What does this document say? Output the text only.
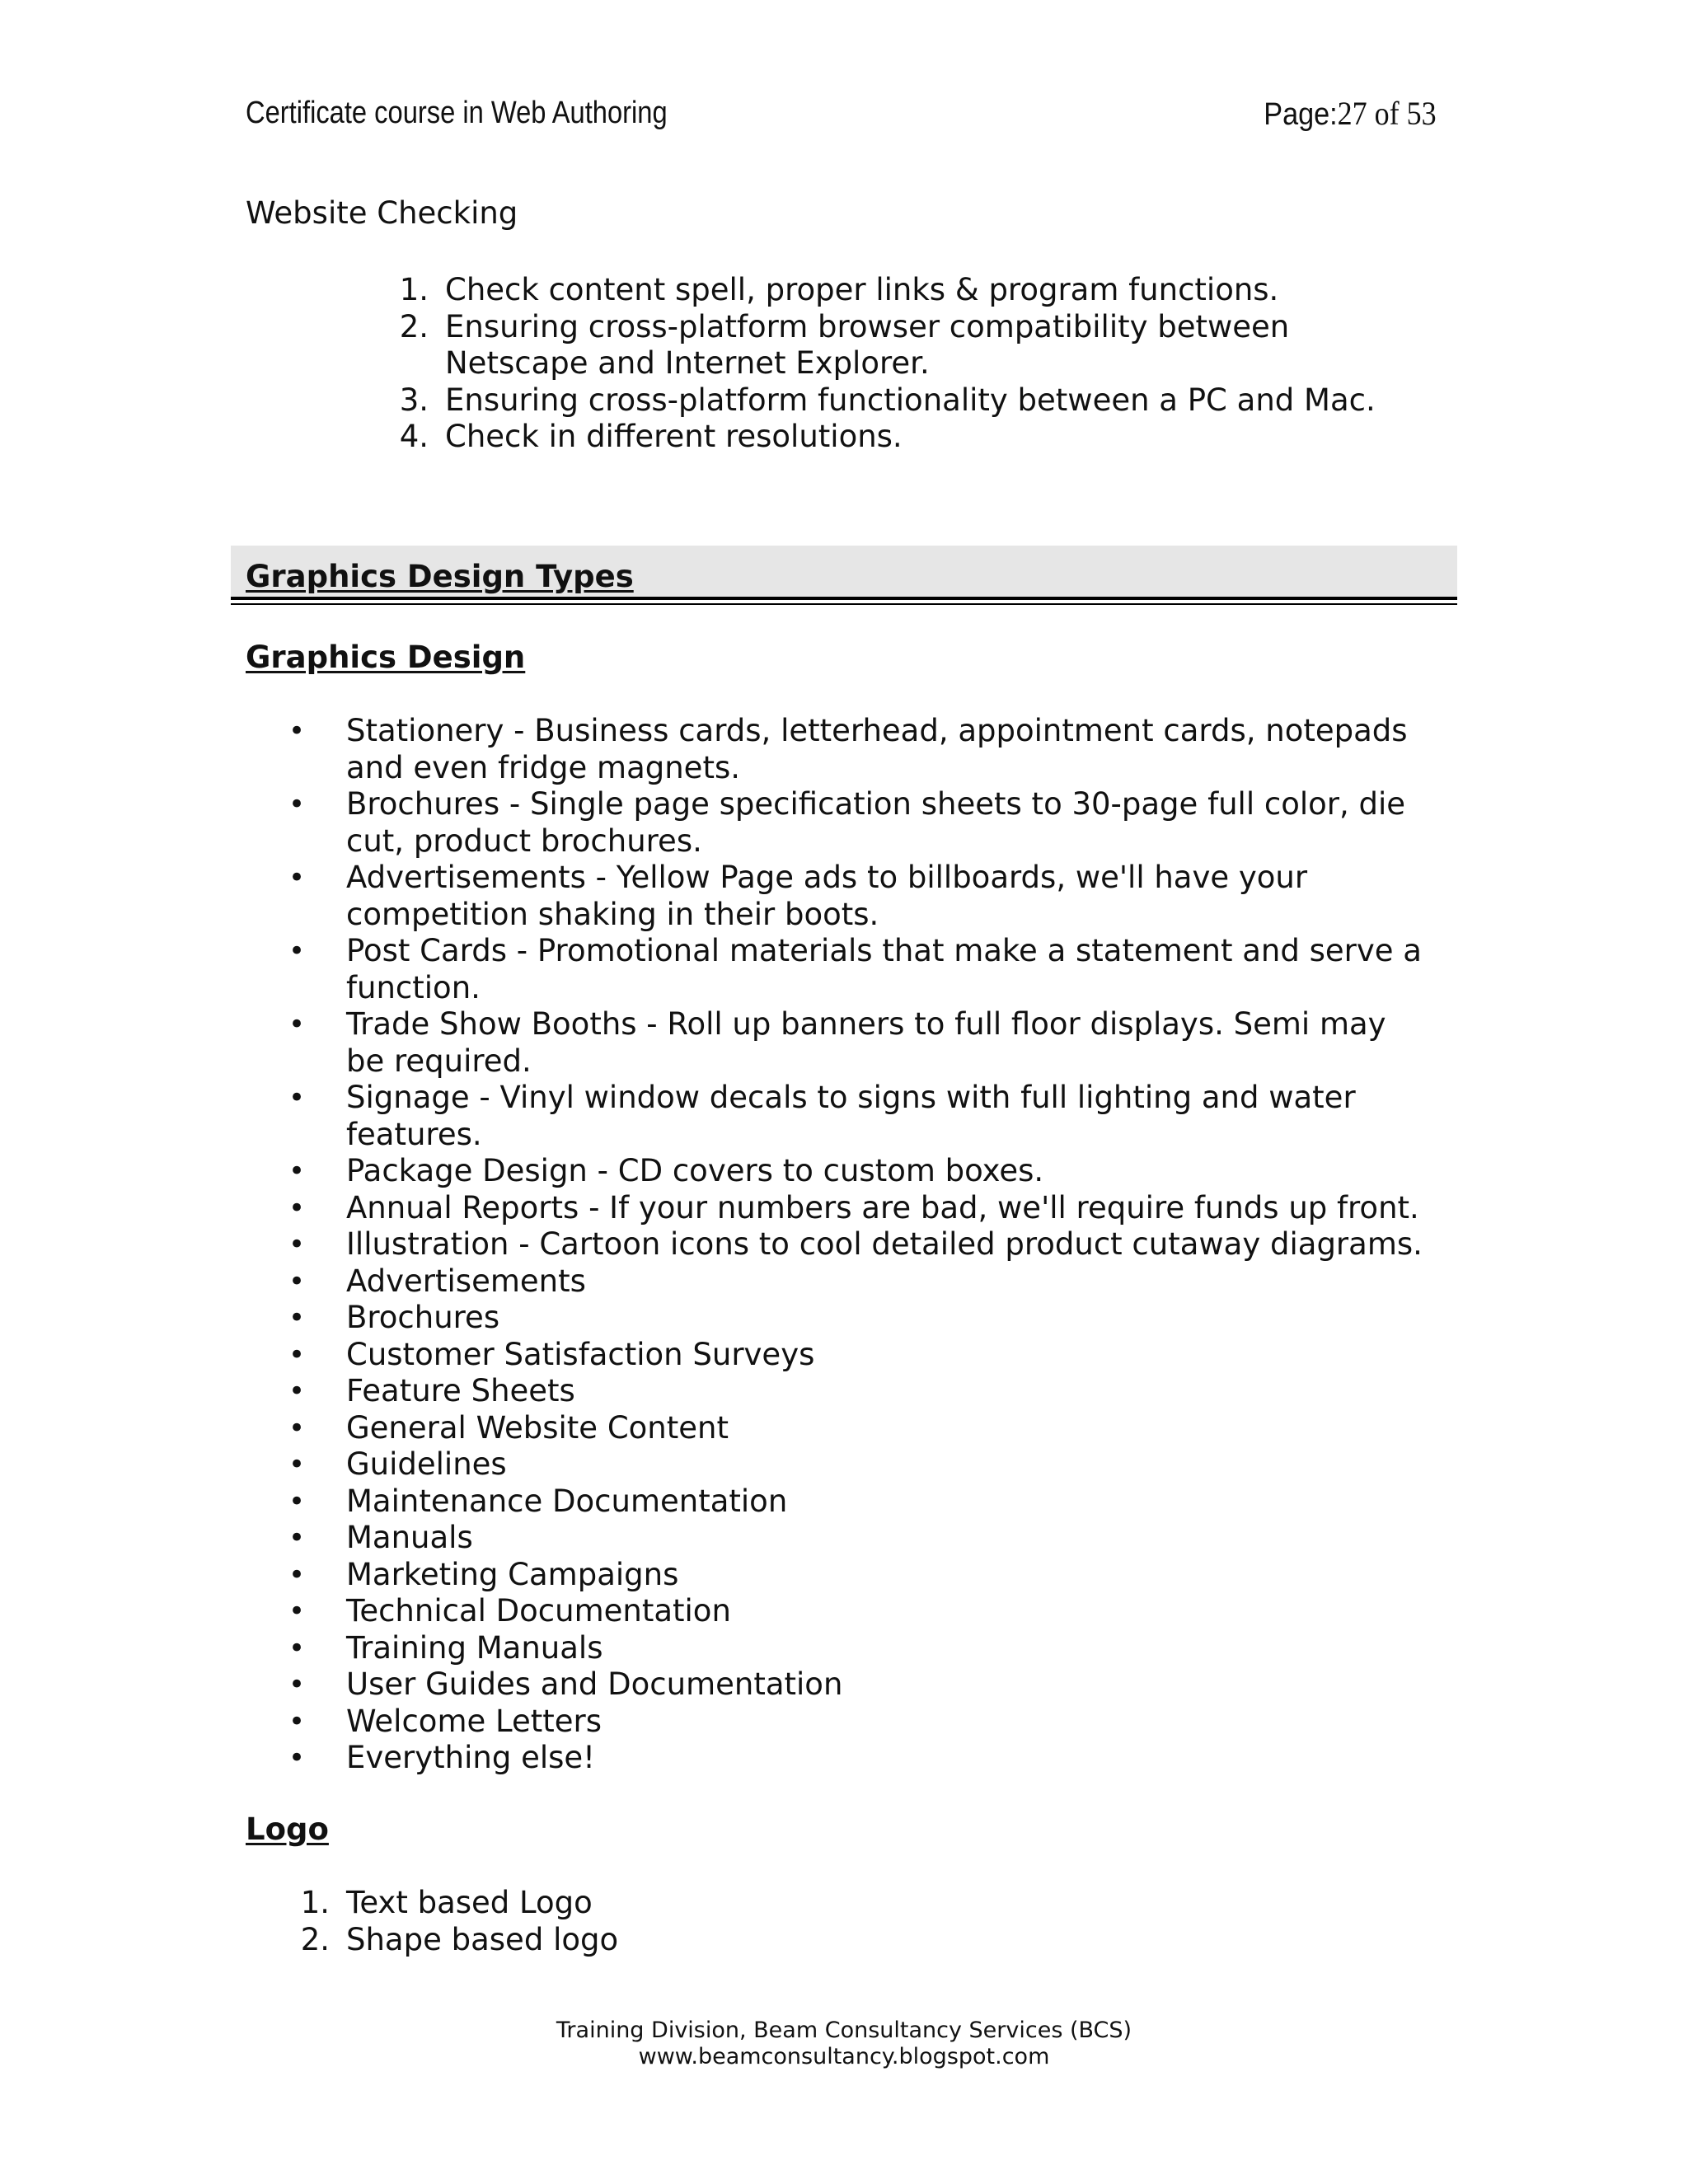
Certificate course in Web Authoring	Page:27 of 53
Website Checking
1. Check content spell, proper links & program functions.
2. Ensuring cross-platform browser compatibility between
Netscape and Internet Explorer.
3. Ensuring cross-platform functionality between a PC and Mac.
4. Check in different resolutions.
Graphics Design Types
Graphics Design
• Stationery - Business cards, letterhead, appointment cards, notepads
and even fridge magnets.
• Brochures - Single page specification sheets to 30-page full color, die
cut, product brochures.
• Advertisements - Yellow Page ads to billboards, we'll have your
competition shaking in their boots.
• Post Cards - Promotional materials that make a statement and serve a
function.
• Trade Show Booths - Roll up banners to full floor displays. Semi may
be required.
• Signage - Vinyl window decals to signs with full lighting and water
features.
• Package Design - CD covers to custom boxes.
• Annual Reports - If your numbers are bad, we'll require funds up front.
• Illustration - Cartoon icons to cool detailed product cutaway diagrams.
• Advertisements
• Brochures
• Customer Satisfaction Surveys
• Feature Sheets
• General Website Content
• Guidelines
• Maintenance Documentation
• Manuals
• Marketing Campaigns
• Technical Documentation
• Training Manuals
• User Guides and Documentation
• Welcome Letters
• Everything else!
Logo
1. Text based Logo
2. Shape based logo
Training Division, Beam Consultancy Services (BCS)
www.beamconsultancy.blogspot.com
